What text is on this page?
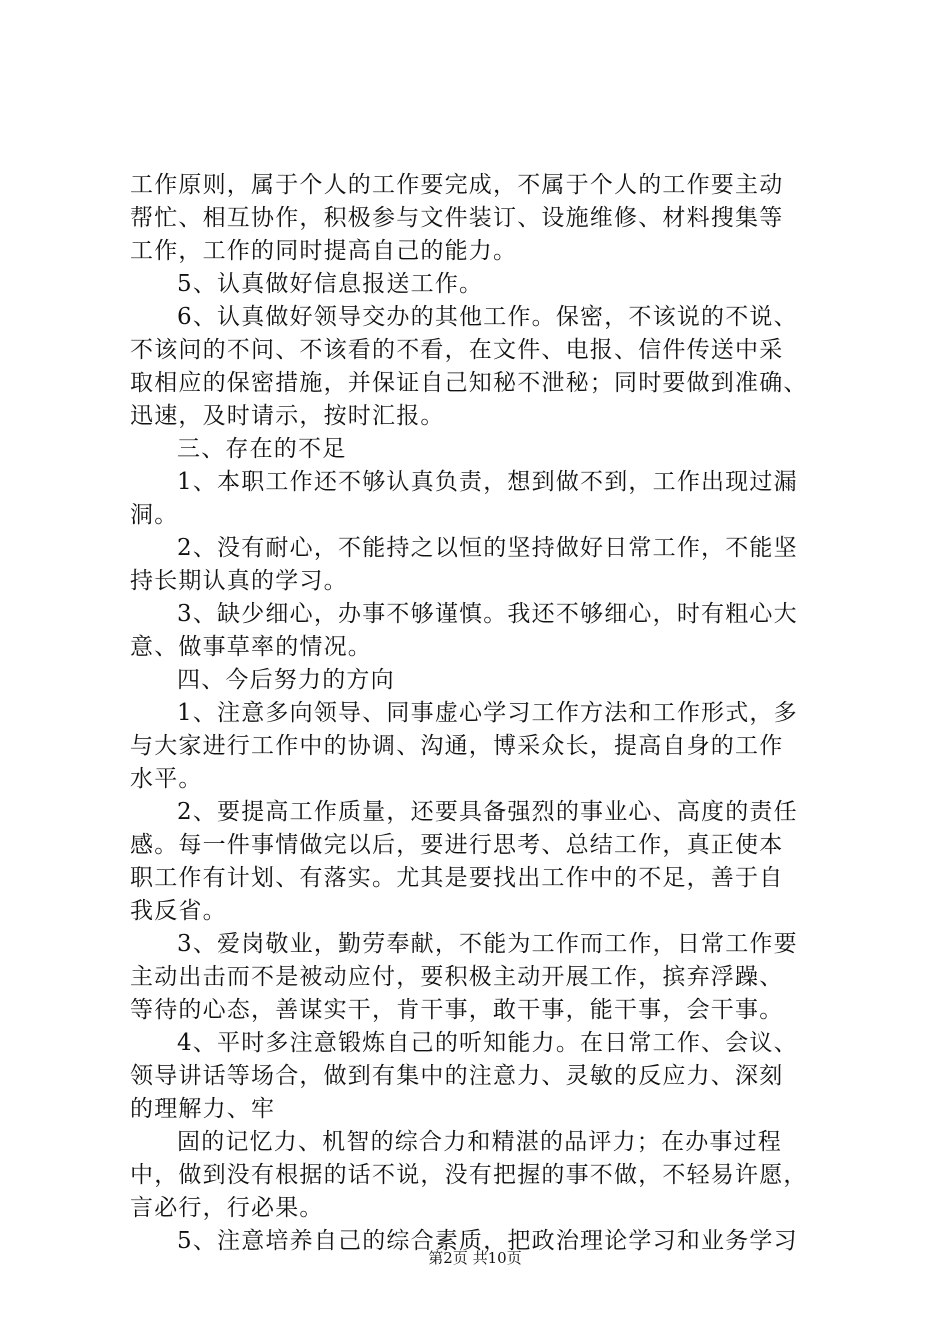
工作原则，属于个人的工作要完成，不属于个人的工作要主动
帮忙、相互协作，积极参与文件装订、设施维修、材料搜集等
工作，工作的同时提高自己的能力。
5、认真做好信息报送工作。
6、认真做好领导交办的其他工作。保密，不该说的不说、
不该问的不问、不该看的不看，在文件、电报、信件传送中采
取相应的保密措施，并保证自己知秘不泄秘；同时要做到准确、
迅速，及时请示，按时汇报。
三、存在的不足
1、本职工作还不够认真负责，想到做不到，工作出现过漏
洞。
2、没有耐心，不能持之以恒的坚持做好日常工作，不能坚
持长期认真的学习。
3、缺少细心，办事不够谨慎。我还不够细心，时有粗心大
意、做事草率的情况。
四、今后努力的方向
1、注意多向领导、同事虚心学习工作方法和工作形式，多
与大家进行工作中的协调、沟通，博采众长，提高自身的工作
水平。
2、要提高工作质量，还要具备强烈的事业心、高度的责任
感。每一件事情做完以后，要进行思考、总结工作，真正使本
职工作有计划、有落实。尤其是要找出工作中的不足，善于自
我反省。
3、爱岗敬业，勤劳奉献，不能为工作而工作，日常工作要
主动出击而不是被动应付，要积极主动开展工作，摈弃浮躁、
等待的心态，善谋实干，肯干事，敢干事，能干事，会干事。
4、平时多注意锻炼自己的听知能力。在日常工作、会议、
领导讲话等场合，做到有集中的注意力、灵敏的反应力、深刻
的理解力、牢
固的记忆力、机智的综合力和精湛的品评力；在办事过程
中，做到没有根据的话不说，没有把握的事不做，不轻易许愿，
言必行，行必果。
5、注意培养自己的综合素质，把政治理论学习和业务学习
第2页 共10页
